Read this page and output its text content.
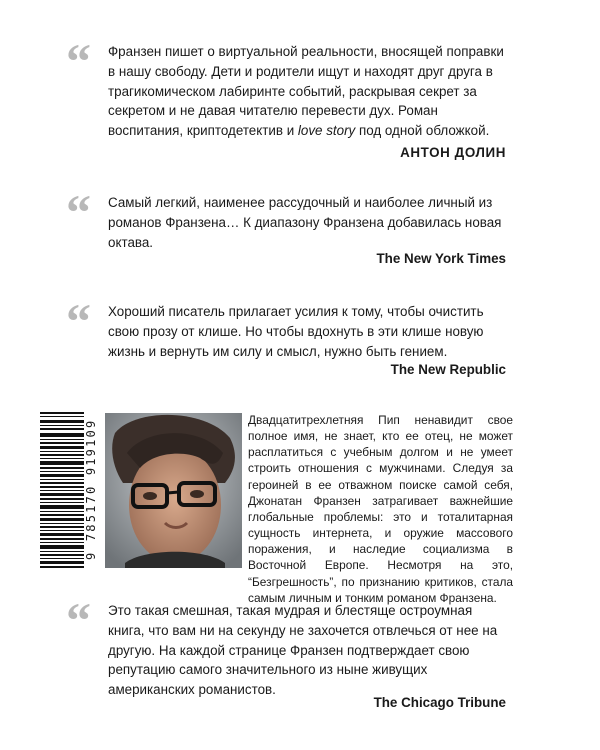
“ Франзен пишет о виртуальной реальности, вносящей поправки в нашу свободу. Дети и родители ищут и находят друг друга в трагикомическом лабиринте событий, раскрывая секрет за секретом и не давая читателю перевести дух. Роман воспитания, криптодетектив и love story под одной обложкой.
АНТОН ДОЛИН
“ Самый легкий, наименее рассудочный и наиболее личный из романов Франзена… К диапазону Франзена добавилась новая октава.
The New York Times
“ Хороший писатель прилагает усилия к тому, чтобы очистить свою прозу от клише. Но чтобы вдохнуть в эти клише новую жизнь и вернуть им силу и смысл, нужно быть гением.
The New Republic
9 785170 919109	Двадцатитрехлетняя Пип ненавидит свое полное имя, не знает, кто ее отец, не может расплатиться с учебным долгом и не умеет строить отношения с мужчинами. Следуя за героиней в ее отважном поиске самой себя, Джонатан Франзен затрагивает важнейшие глобальные проблемы: это и тоталитарная сущность интернета, и оружие массового поражения, и наследие социализма в Восточной Европе. Несмотря на это, “Безгрешность”, по признанию критиков, стала самым личным и тонким романом Франзена.
“ Это такая смешная, такая мудрая и блестяще остроумная книга, что вам ни на секунду не захочется отвлечься от нее на другую. На каждой странице Франзен подтверждает свою репутацию самого значительного из ныне живущих американских романистов.
The Chicago Tribune
